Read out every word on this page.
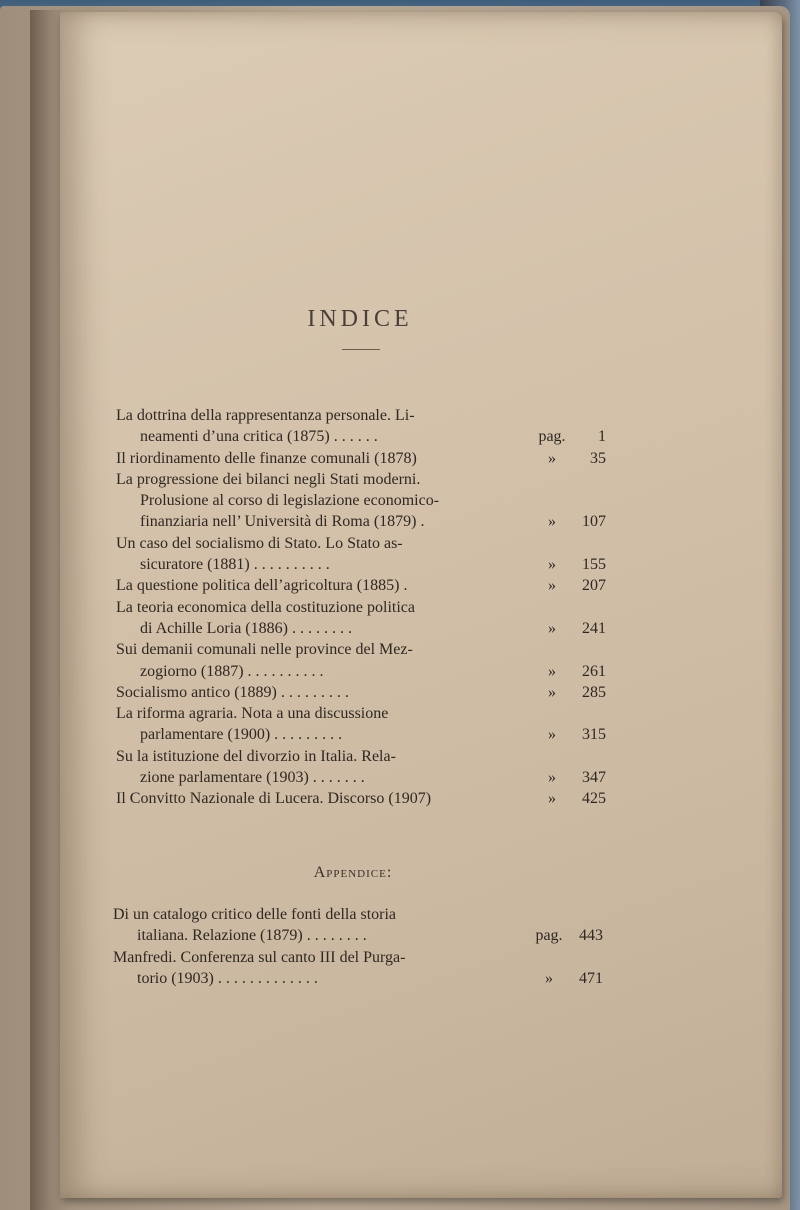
INDICE
La dottrina della rappresentanza personale. Li-
neamenti d’una critica (1875) . . . . . .	pag.	1
Il riordinamento delle finanze comunali (1878)	»	35
La progressione dei bilanci negli Stati moderni.
Prolusione al corso di legislazione economico-
finanziaria nell’ Università di Roma (1879) .	»	107
Un caso del socialismo di Stato. Lo Stato as-
sicuratore (1881) . . . . . . . . . .	»	155
La questione politica dell’agricoltura (1885) .	»	207
La teoria economica della costituzione politica
di Achille Loria (1886) . . . . . . . .	»	241
Sui demanii comunali nelle province del Mez-
zogiorno (1887) . . . . . . . . . .	»	261
Socialismo antico (1889) . . . . . . . . .	»	285
La riforma agraria. Nota a una discussione
parlamentare (1900) . . . . . . . . .	»	315
Su la istituzione del divorzio in Italia. Rela-
zione parlamentare (1903) . . . . . . .	»	347
Il Convitto Nazionale di Lucera. Discorso (1907)	»	425
Appendice:
Di un catalogo critico delle fonti della storia
italiana. Relazione (1879) . . . . . . . .	pag.	443
Manfredi. Conferenza sul canto III del Purga-
torio (1903) . . . . . . . . . . . . .	»	471
